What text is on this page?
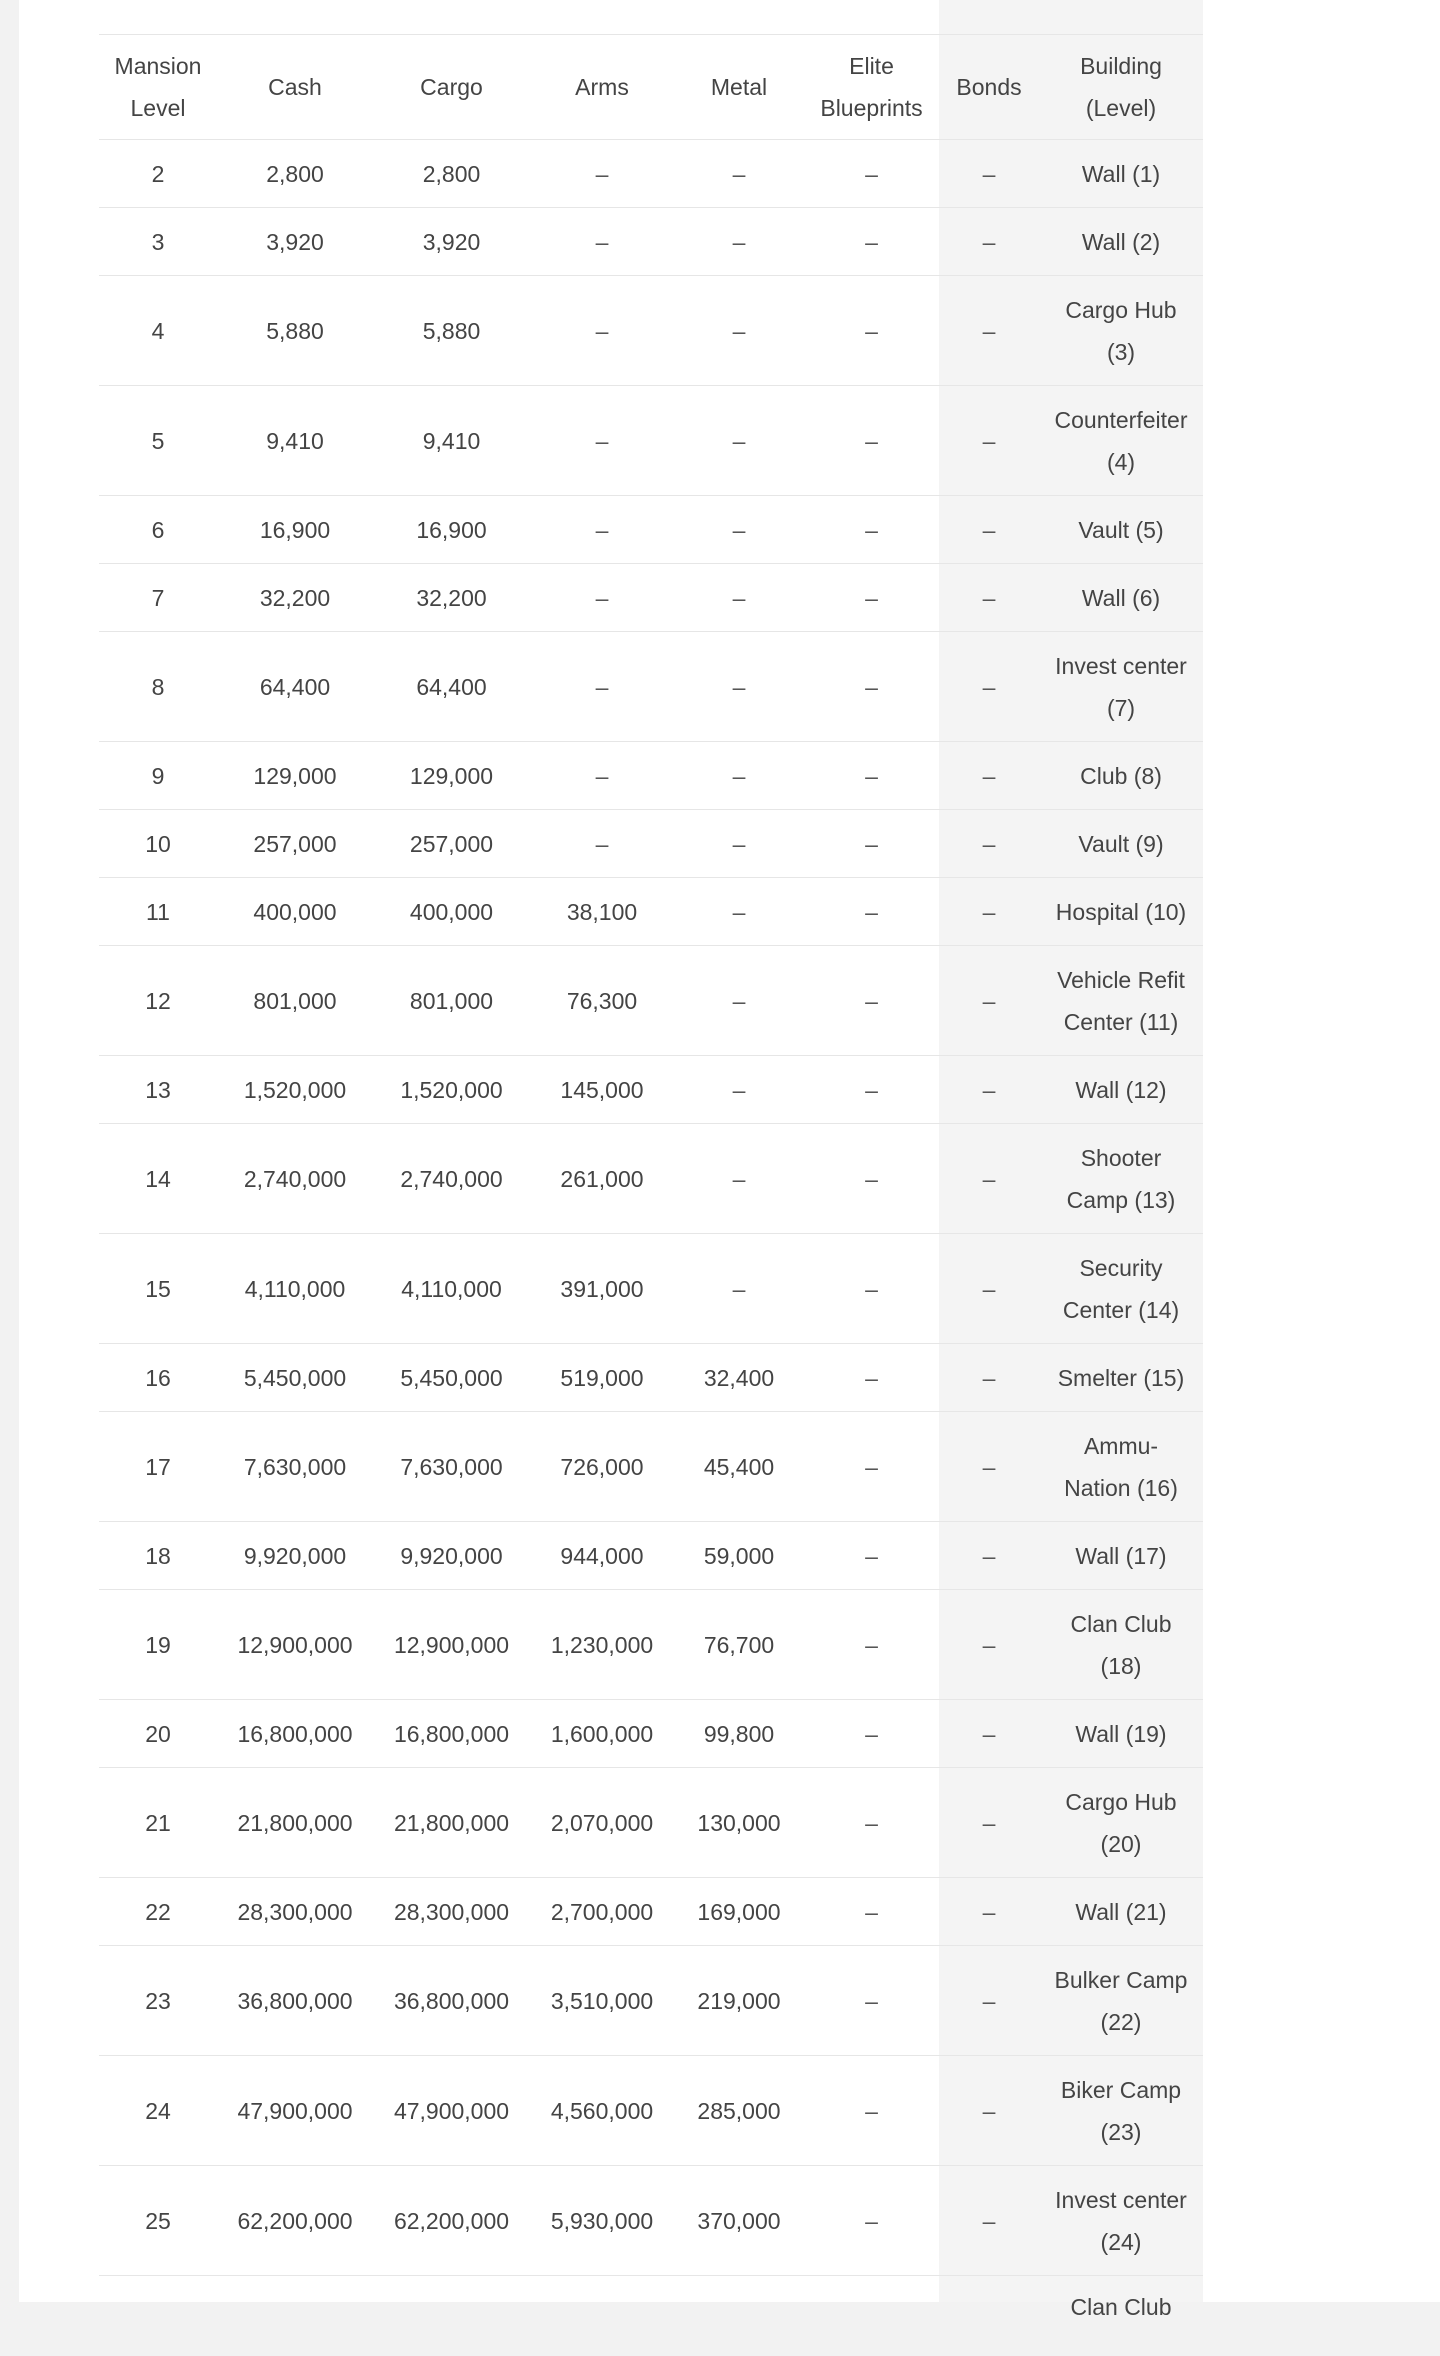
Mansion
Level	Cash	Cargo	Arms	Metal	Elite
Blueprints	Bonds	Building
(Level)
2	2,800	2,800	–	–	–	–	Wall (1)
3	3,920	3,920	–	–	–	–	Wall (2)
4	5,880	5,880	–	–	–	–	Cargo Hub
(3)
5	9,410	9,410	–	–	–	–	Counterfeiter
(4)
6	16,900	16,900	–	–	–	–	Vault (5)
7	32,200	32,200	–	–	–	–	Wall (6)
8	64,400	64,400	–	–	–	–	Invest center
(7)
9	129,000	129,000	–	–	–	–	Club (8)
10	257,000	257,000	–	–	–	–	Vault (9)
11	400,000	400,000	38,100	–	–	–	Hospital (10)
12	801,000	801,000	76,300	–	–	–	Vehicle Refit
Center (11)
13	1,520,000	1,520,000	145,000	–	–	–	Wall (12)
14	2,740,000	2,740,000	261,000	–	–	–	Shooter
Camp (13)
15	4,110,000	4,110,000	391,000	–	–	–	Security
Center (14)
16	5,450,000	5,450,000	519,000	32,400	–	–	Smelter (15)
17	7,630,000	7,630,000	726,000	45,400	–	–	Ammu-
Nation (16)
18	9,920,000	9,920,000	944,000	59,000	–	–	Wall (17)
19	12,900,000	12,900,000	1,230,000	76,700	–	–	Clan Club
(18)
20	16,800,000	16,800,000	1,600,000	99,800	–	–	Wall (19)
21	21,800,000	21,800,000	2,070,000	130,000	–	–	Cargo Hub
(20)
22	28,300,000	28,300,000	2,700,000	169,000	–	–	Wall (21)
23	36,800,000	36,800,000	3,510,000	219,000	–	–	Bulker Camp
(22)
24	47,900,000	47,900,000	4,560,000	285,000	–	–	Biker Camp
(23)
25	62,200,000	62,200,000	5,930,000	370,000	–	–	Invest center
(24)
							Clan Club
